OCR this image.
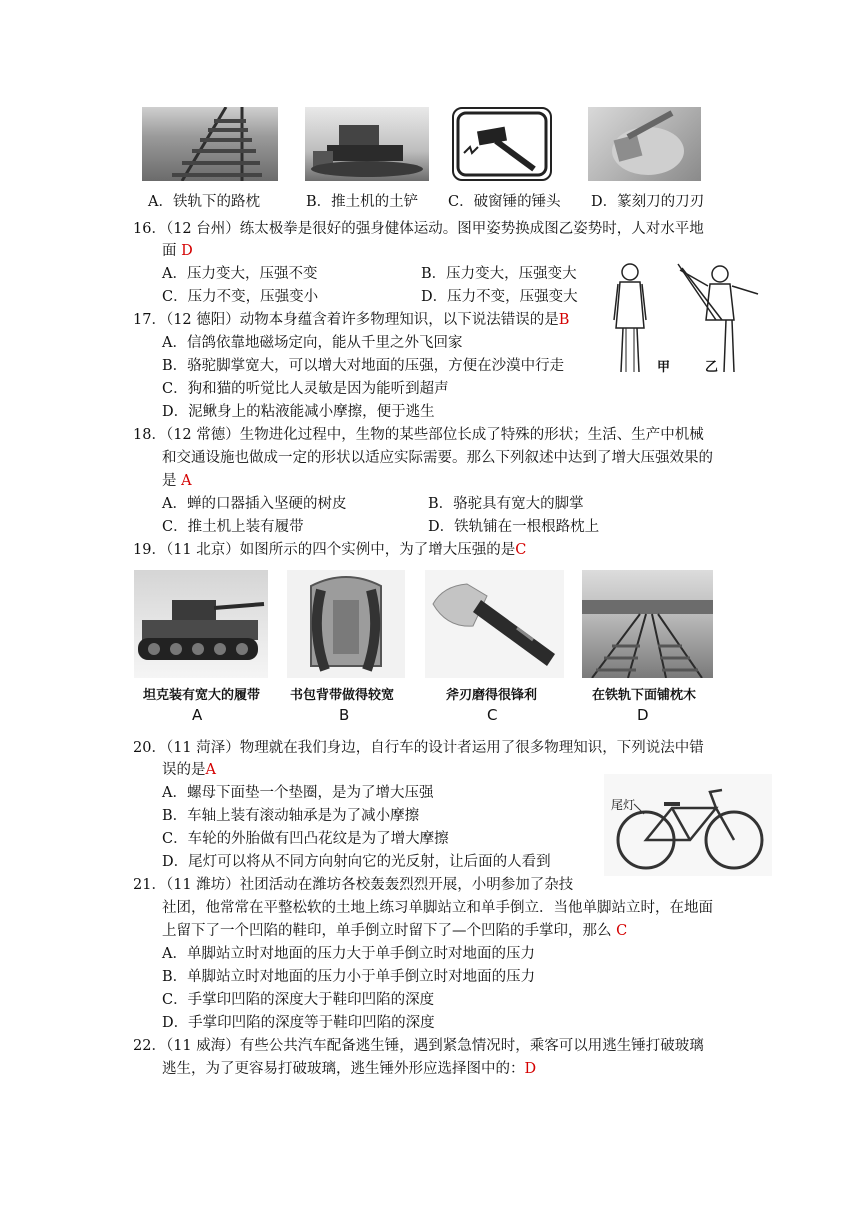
A．铁轨下的路枕	B．推土机的土铲 C．破窗锤的锤头 D．篆刻刀的刀刃
16．（12 台州）练太极拳是很好的强身健体运动。图甲姿势换成图乙姿势时，人对水平地
面 D
A．压力变大，压强不变	B．压力变大，压强变大
C．压力不变，压强变小	D．压力不变，压强变大
甲	乙
17．（12 德阳）动物本身蕴含着许多物理知识，以下说法错误的是B
A．信鸽依靠地磁场定向，能从千里之外飞回家
B．骆驼脚掌宽大，可以增大对地面的压强，方便在沙漠中行走
C．狗和猫的听觉比人灵敏是因为能听到超声
D．泥鳅身上的粘液能减小摩擦，便于逃生
18．（12 常德）生物进化过程中，生物的某些部位长成了特殊的形状；生活、生产中机械
和交通设施也做成一定的形状以适应实际需要。那么下列叙述中达到了增大压强效果的
是 A
A．蝉的口器插入坚硬的树皮	B．骆驼具有宽大的脚掌
C．推土机上装有履带	D．铁轨铺在一根根路枕上
19．（11 北京）如图所示的四个实例中，为了增大压强的是C
坦克装有宽大的履带 书包背带做得较宽	斧刃磨得很锋利	在铁轨下面铺枕木
A	B	C	D
20．（11 菏泽）物理就在我们身边，自行车的设计者运用了很多物理知识，下列说法中错
误的是A
A．螺母下面垫一个垫圈，是为了增大压强
B．车轴上装有滚动轴承是为了减小摩擦
C．车轮的外胎做有凹凸花纹是为了增大摩擦
D．尾灯可以将从不同方向射向它的光反射，让后面的人看到
尾灯
21．（11 潍坊）社团活动在潍坊各校轰轰烈烈开展，小明参加了杂技
社团，他常常在平整松软的土地上练习单脚站立和单手倒立．当他单脚站立时，在地面
上留下了一个凹陷的鞋印，单手倒立时留下了—个凹陷的手掌印，那么 C
A．单脚站立时对地面的压力大于单手倒立时对地面的压力
B．单脚站立时对地面的压力小于单手倒立时对地面的压力
C．手掌印凹陷的深度大于鞋印凹陷的深度
D．手掌印凹陷的深度等于鞋印凹陷的深度
22．（11 威海）有些公共汽车配备逃生锤，遇到紧急情况时，乘客可以用逃生锤打破玻璃
逃生，为了更容易打破玻璃，逃生锤外形应选择图中的：D
